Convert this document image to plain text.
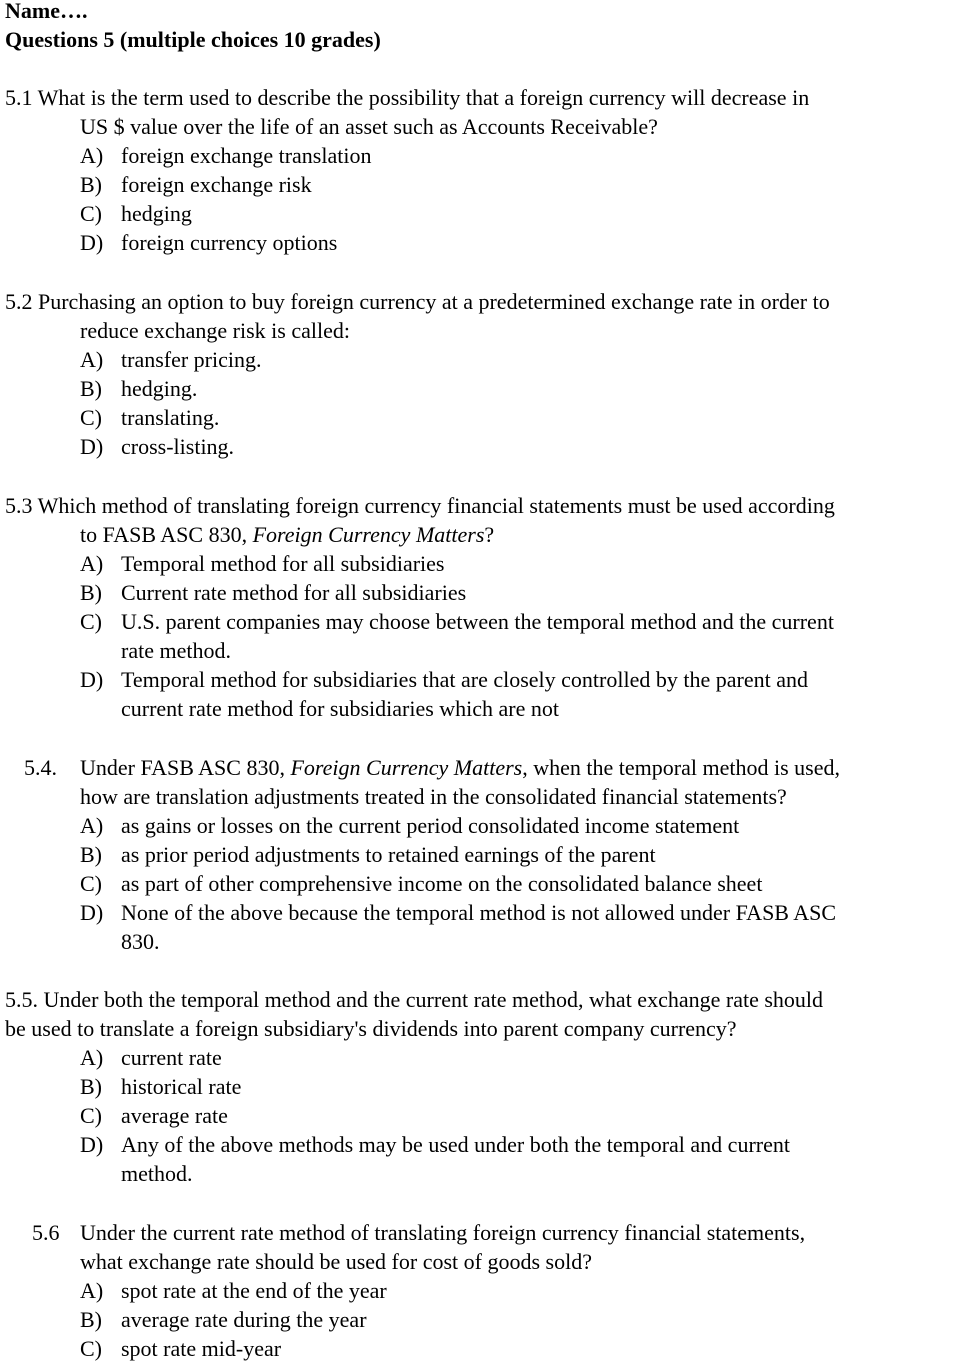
Name….
Questions 5 (multiple choices 10 grades)
5.1 What is the term used to describe the possibility that a foreign currency will decrease in
US $ value over the life of an asset such as Accounts Receivable?
A) foreign exchange translation
B) foreign exchange risk
C) hedging
D) foreign currency options
5.2 Purchasing an option to buy foreign currency at a predetermined exchange rate in order to
reduce exchange risk is called:
A) transfer pricing.
B) hedging.
C) translating.
D) cross-listing.
5.3 Which method of translating foreign currency financial statements must be used according
to FASB ASC 830, Foreign Currency Matters?
A) Temporal method for all subsidiaries
B) Current rate method for all subsidiaries
C) U.S. parent companies may choose between the temporal method and the current
rate method.
D) Temporal method for subsidiaries that are closely controlled by the parent and
current rate method for subsidiaries which are not
5.4. Under FASB ASC 830, Foreign Currency Matters, when the temporal method is used,
how are translation adjustments treated in the consolidated financial statements?
A) as gains or losses on the current period consolidated income statement
B) as prior period adjustments to retained earnings of the parent
C) as part of other comprehensive income on the consolidated balance sheet
D) None of the above because the temporal method is not allowed under FASB ASC
830.
5.5. Under both the temporal method and the current rate method, what exchange rate should
be used to translate a foreign subsidiary's dividends into parent company currency?
A) current rate
B) historical rate
C) average rate
D) Any of the above methods may be used under both the temporal and current
method.
5.6 Under the current rate method of translating foreign currency financial statements,
what exchange rate should be used for cost of goods sold?
A) spot rate at the end of the year
B) average rate during the year
C) spot rate mid-year
